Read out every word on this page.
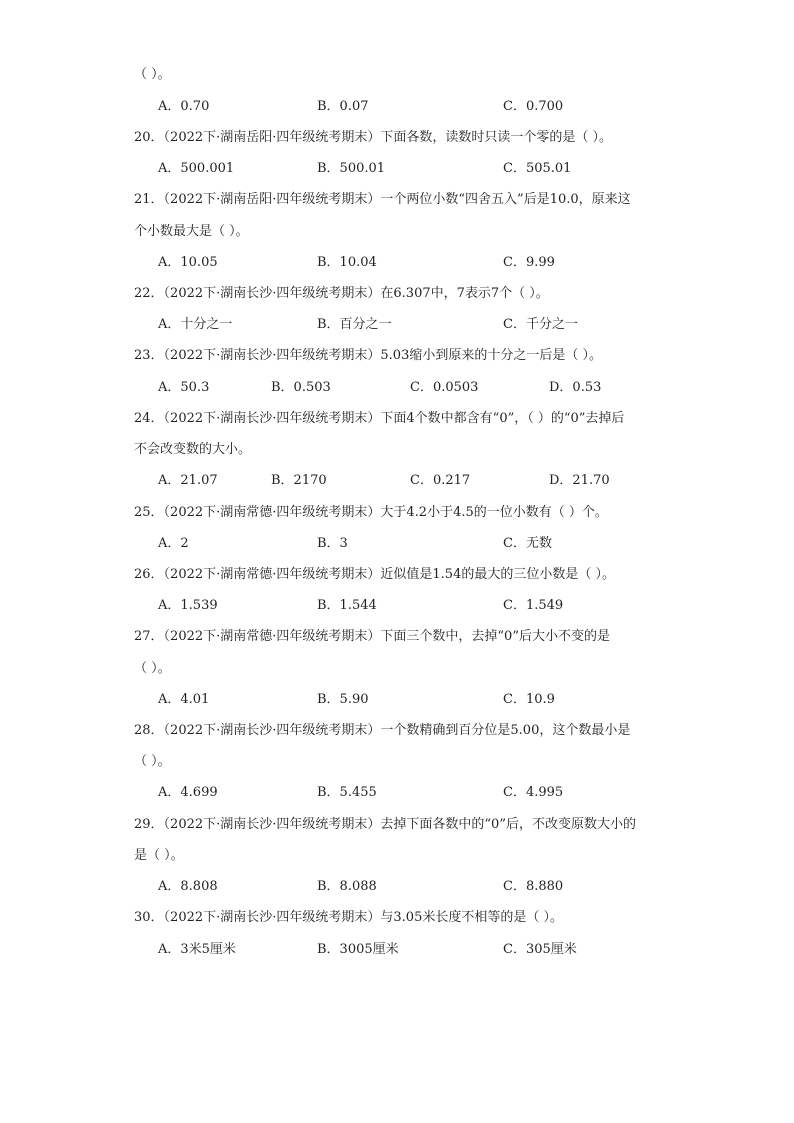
（ ）。
A．0.70	B．0.07	C．0.700
20．（2022下·湖南岳阳·四年级统考期末）下面各数，读数时只读一个零的是（ ）。
A．500.001	B．500.01	C．505.01
21．（2022下·湖南岳阳·四年级统考期末）一个两位小数“四舍五入”后是10.0，原来这
个小数最大是（ ）。
A．10.05	B．10.04	C．9.99
22．（2022下·湖南长沙·四年级统考期末）在6.307中，7表示7个（ ）。
A．十分之一	B．百分之一	C．千分之一
23．（2022下·湖南长沙·四年级统考期末）5.03缩小到原来的十分之一后是（ ）。
A．50.3	B．0.503	C．0.0503	D．0.53
24．（2022下·湖南长沙·四年级统考期末）下面4个数中都含有“0”，（ ）的“0”去掉后
不会改变数的大小。
A．21.07	B．2170	C．0.217	D．21.70
25．（2022下·湖南常德·四年级统考期末）大于4.2小于4.5的一位小数有（ ）个。
A．2	B．3	C．无数
26．（2022下·湖南常德·四年级统考期末）近似值是1.54的最大的三位小数是（ ）。
A．1.539	B．1.544	C．1.549
27．（2022下·湖南常德·四年级统考期末）下面三个数中，去掉“0”后大小不变的是
（ ）。
A．4.01	B．5.90	C．10.9
28．（2022下·湖南长沙·四年级统考期末）一个数精确到百分位是5.00，这个数最小是
（ ）。
A．4.699	B．5.455	C．4.995
29．（2022下·湖南长沙·四年级统考期末）去掉下面各数中的“0”后，不改变原数大小的
是（ ）。
A．8.808	B．8.088	C．8.880
30．（2022下·湖南长沙·四年级统考期末）与3.05米长度不相等的是（ ）。
A．3米5厘米	B．3005厘米	C．305厘米
